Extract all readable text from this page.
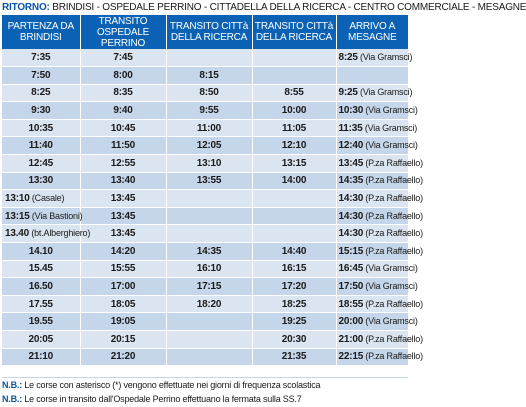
RITORNO: BRINDISI - OSPEDALE PERRINO - CITTADELLA DELLA RICERCA - CENTRO COMMERCIALE - MESAGNE
PARTENZA DA BRINDISI	TRANSITO OSPEDALE PERRINO	TRANSITO CITTà DELLA RICERCA	TRANSITO CITTà DELLA RICERCA	ARRIVO A MESAGNE
7:35	7:45			8:25 (Via Gramsci)
7:50	8:00	8:15		
8:25	8:35	8:50	8:55	9:25 (Via Gramsci)
9:30	9:40	9:55	10:00	10:30 (Via Gramsci)
10:35	10:45	11:00	11:05	11:35 (Via Gramsci)
11:40	11:50	12:05	12:10	12:40 (Via Gramsci)
12:45	12:55	13:10	13:15	13:45 (P.za Raffaello)
13:30	13:40	13:55	14:00	14:35 (P.za Raffaello)
13:10 (Casale)	13:45			14:30 (P.za Raffaello)
13:15 (Via Bastioni)	13:45			14:30 (P.za Raffaello)
13.40 (bt.Alberghiero)	13:45			14:30 (P.za Raffaello)
14.10	14:20	14:35	14:40	15:15 (P.za Raffaello)
15.45	15:55	16:10	16:15	16:45 (Via Gramsci)
16.50	17:00	17:15	17:20	17:50 (Via Gramsci)
17.55	18:05	18:20	18:25	18:55 (P.za Raffaello)
19.55	19:05		19:25	20:00 (Via Gramsci)
20:05	20:15		20:30	21:00 (P.za Raffaello)
21:10	21:20		21:35	22:15 (P.za Raffaello)
N.B.: Le corse con asterisco (*) vengono effettuate nei giorni di frequenza scolastica
N.B.: Le corse in transito dall'Ospedale Perrino effettuano la fermata sulla SS.7
